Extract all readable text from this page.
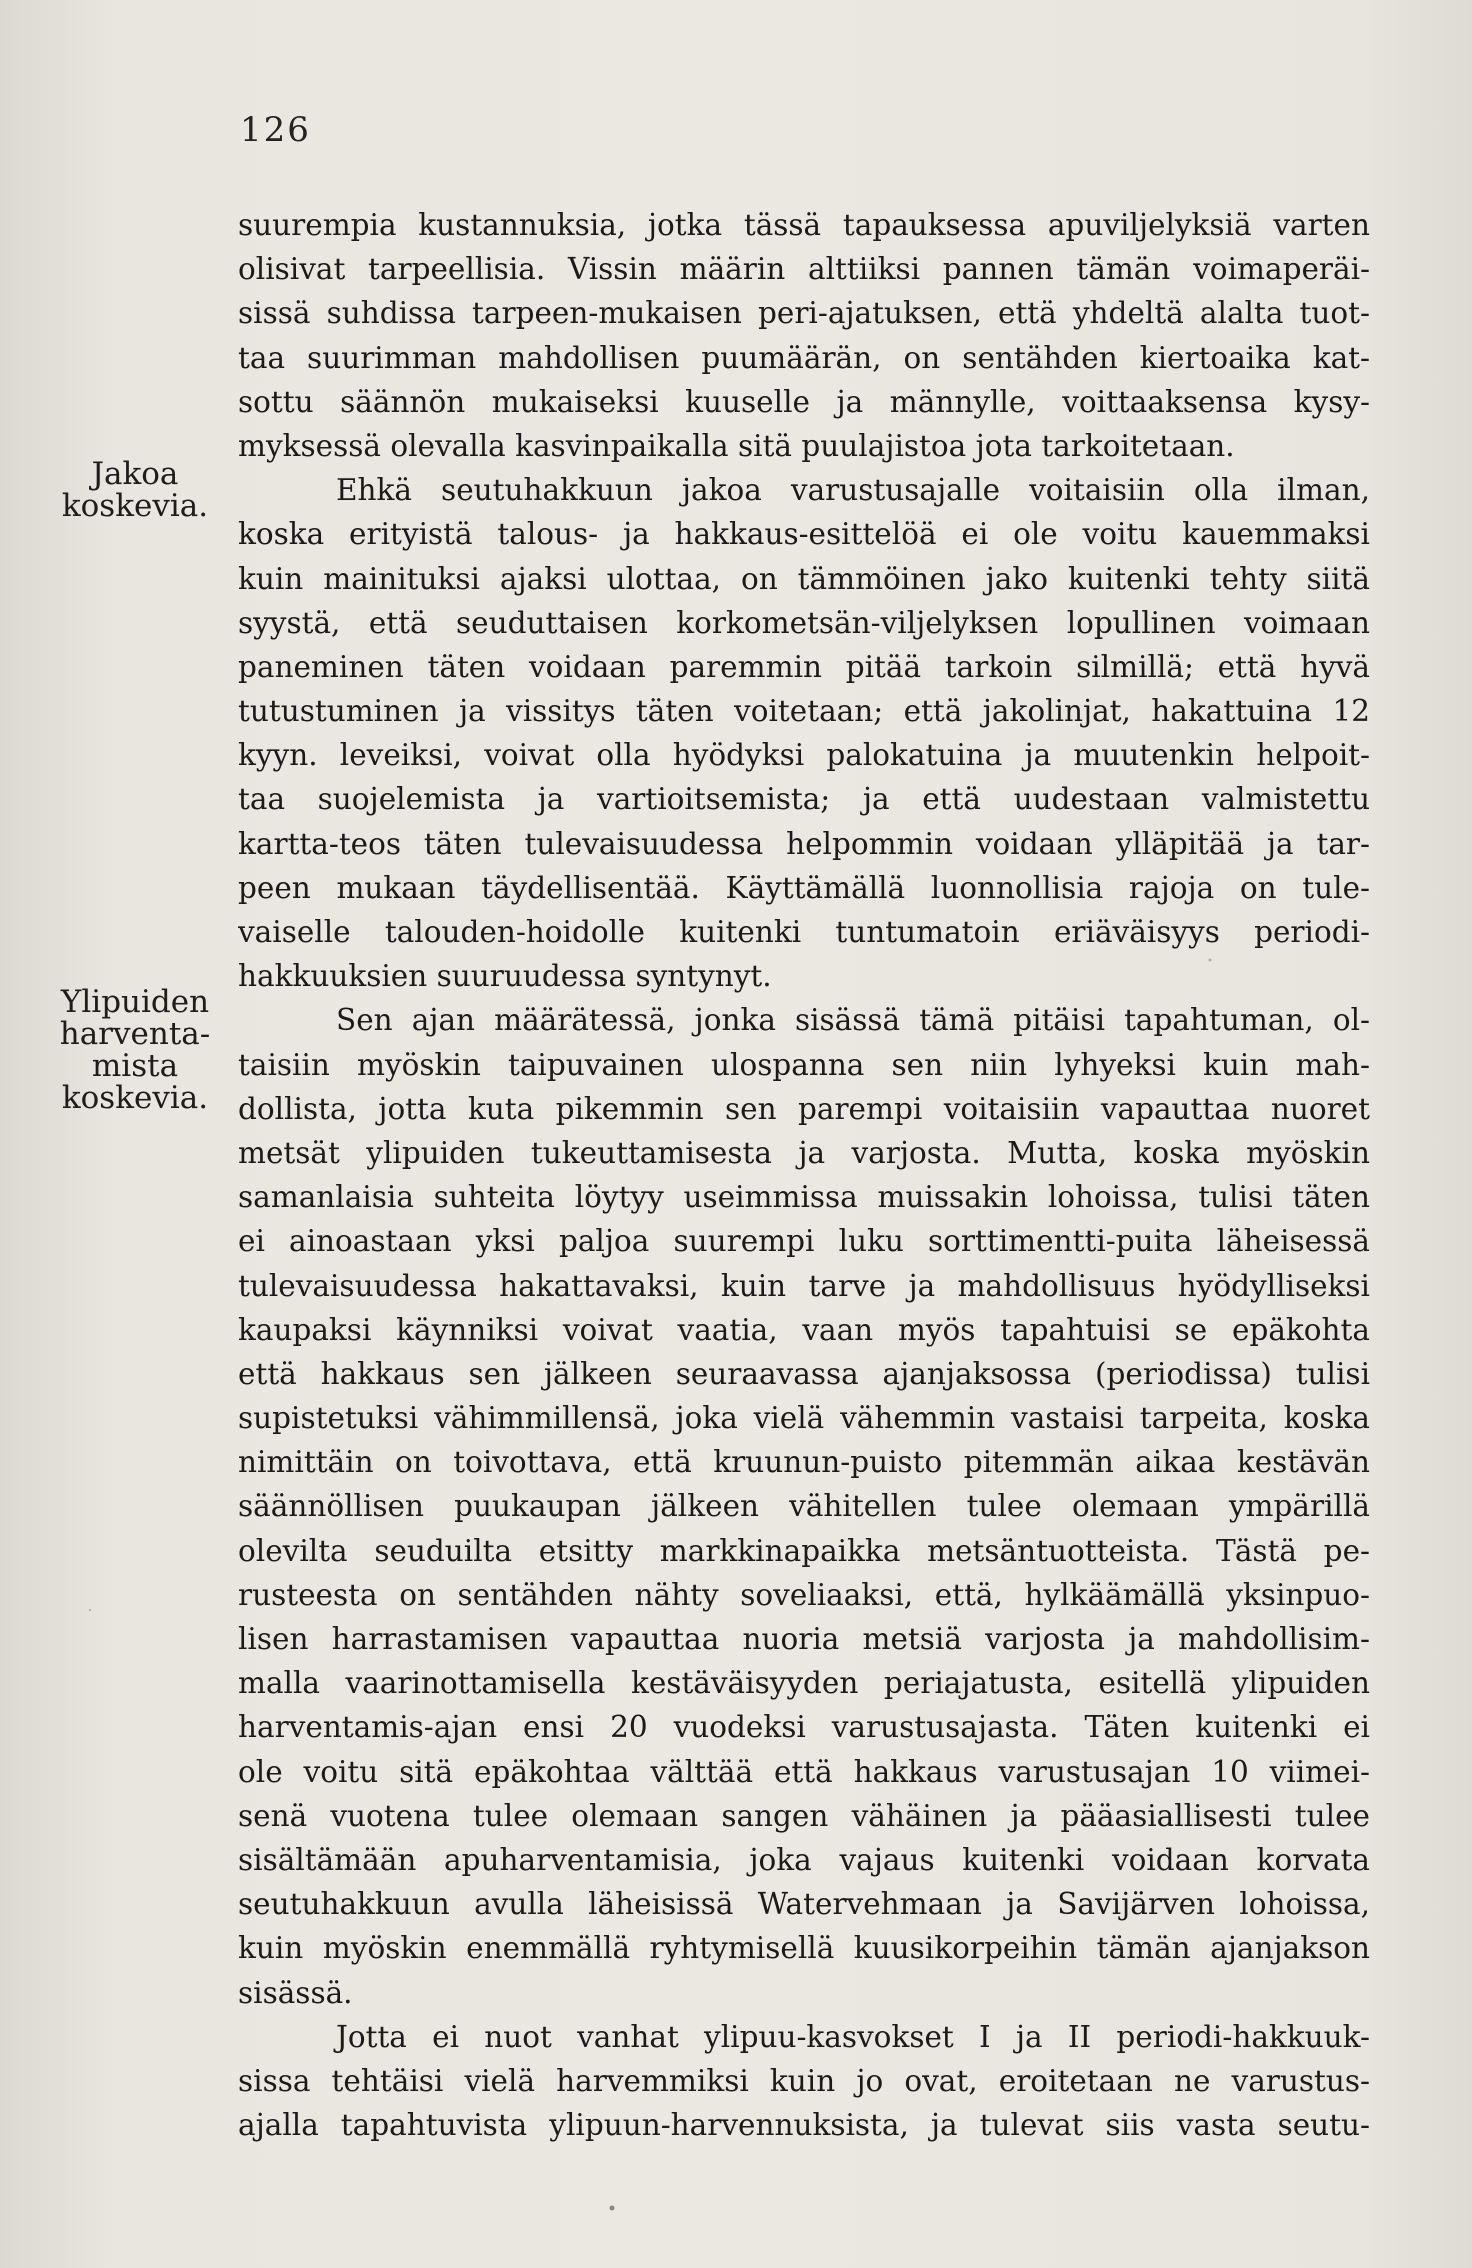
126
Jakoa koskevia.
Ylipuiden
harventa-
mista
koskevia.
suurempia kustannuksia, jotka tässä tapauksessa apuviljelyksiä varten
olisivat tarpeellisia. Vissin määrin alttiiksi pannen tämän voimaperäi-
sissä suhdissa tarpeen-mukaisen peri-ajatuksen, että yhdeltä alalta tuot-
taa suurimman mahdollisen puumäärän, on sentähden kiertoaika kat-
sottu säännön mukaiseksi kuuselle ja männylle, voittaaksensa kysy-
myksessä olevalla kasvinpaikalla sitä puulajistoa jota tarkoitetaan.
Ehkä seutuhakkuun jakoa varustusajalle voitaisiin olla ilman,
koska erityistä talous- ja hakkaus-esittelöä ei ole voitu kauemmaksi
kuin mainituksi ajaksi ulottaa, on tämmöinen jako kuitenki tehty siitä
syystä, että seuduttaisen korkometsän-viljelyksen lopullinen voimaan
paneminen täten voidaan paremmin pitää tarkoin silmillä; että hyvä
tutustuminen ja vissitys täten voitetaan; että jakolinjat, hakattuina 12
kyyn. leveiksi, voivat olla hyödyksi palokatuina ja muutenkin helpoit-
taa suojelemista ja vartioitsemista; ja että uudestaan valmistettu
kartta-teos täten tulevaisuudessa helpommin voidaan ylläpitää ja tar-
peen mukaan täydellisentää. Käyttämällä luonnollisia rajoja on tule-
vaiselle talouden-hoidolle kuitenki tuntumatoin eriäväisyys periodi-
hakkuuksien suuruudessa syntynyt.
Sen ajan määrätessä, jonka sisässä tämä pitäisi tapahtuman, ol-
taisiin myöskin taipuvainen ulospanna sen niin lyhyeksi kuin mah-
dollista, jotta kuta pikemmin sen parempi voitaisiin vapauttaa nuoret
metsät ylipuiden tukeuttamisesta ja varjosta. Mutta, koska myöskin
samanlaisia suhteita löytyy useimmissa muissakin lohoissa, tulisi täten
ei ainoastaan yksi paljoa suurempi luku sorttimentti-puita läheisessä
tulevaisuudessa hakattavaksi, kuin tarve ja mahdollisuus hyödylliseksi
kaupaksi käynniksi voivat vaatia, vaan myös tapahtuisi se epäkohta
että hakkaus sen jälkeen seuraavassa ajanjaksossa (periodissa) tulisi
supistetuksi vähimmillensä, joka vielä vähemmin vastaisi tarpeita, koska
nimittäin on toivottava, että kruunun-puisto pitemmän aikaa kestävän
säännöllisen puukaupan jälkeen vähitellen tulee olemaan ympärillä
olevilta seuduilta etsitty markkinapaikka metsäntuotteista. Tästä pe-
rusteesta on sentähden nähty soveliaaksi, että, hylkäämällä yksinpuo-
lisen harrastamisen vapauttaa nuoria metsiä varjosta ja mahdollisim-
malla vaarinottamisella kestäväisyyden periajatusta, esitellä ylipuiden
harventamis-ajan ensi 20 vuodeksi varustusajasta. Täten kuitenki ei
ole voitu sitä epäkohtaa välttää että hakkaus varustusajan 10 viimei-
senä vuotena tulee olemaan sangen vähäinen ja pääasiallisesti tulee
sisältämään apuharventamisia, joka vajaus kuitenki voidaan korvata
seutuhakkuun avulla läheisissä Watervehmaan ja Savijärven lohoissa,
kuin myöskin enemmällä ryhtymisellä kuusikorpeihin tämän ajanjakson
sisässä.
Jotta ei nuot vanhat ylipuu-kasvokset I ja II periodi-hakkuuk-
sissa tehtäisi vielä harvemmiksi kuin jo ovat, eroitetaan ne varustus-
ajalla tapahtuvista ylipuun-harvennuksista, ja tulevat siis vasta seutu-
